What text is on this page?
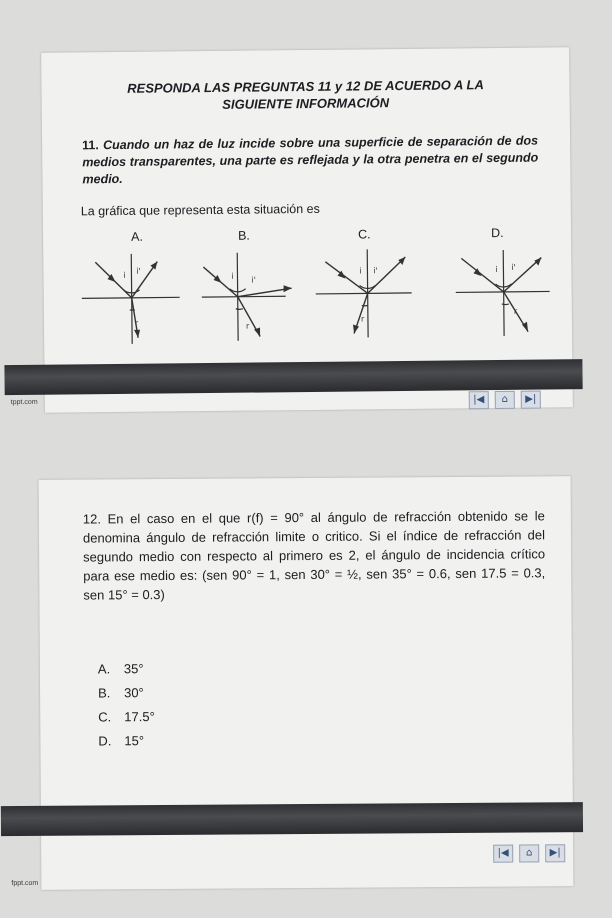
RESPONDA LAS PREGUNTAS 11 y 12 DE ACUERDO A LA
SIGUIENTE INFORMACIÓN
11. Cuando un haz de luz incide sobre una superficie de separación de dos medios transparentes, una parte es reflejada y la otra penetra en el segundo medio.
La gráfica que representa esta situación es
A.	B.	C.	D.
i i'
r
i i'
r
i i'
r
i i'
r
tppt.com	|◀	⌂	▶|
12. En el caso en el que r(f) = 90° al ángulo de refracción obtenido se le denomina ángulo de refracción limite o critico. Si el índice de refracción del segundo medio con respecto al primero es 2, el ángulo de incidencia crítico para ese medio es: (sen 90° = 1, sen 30° = ½, sen 35° = 0.6, sen 17.5 = 0.3, sen 15° = 0.3)
A.	35°
B.	30°
C. 17.5°
D. 15°
fppt.com
|◀	⌂	▶|
